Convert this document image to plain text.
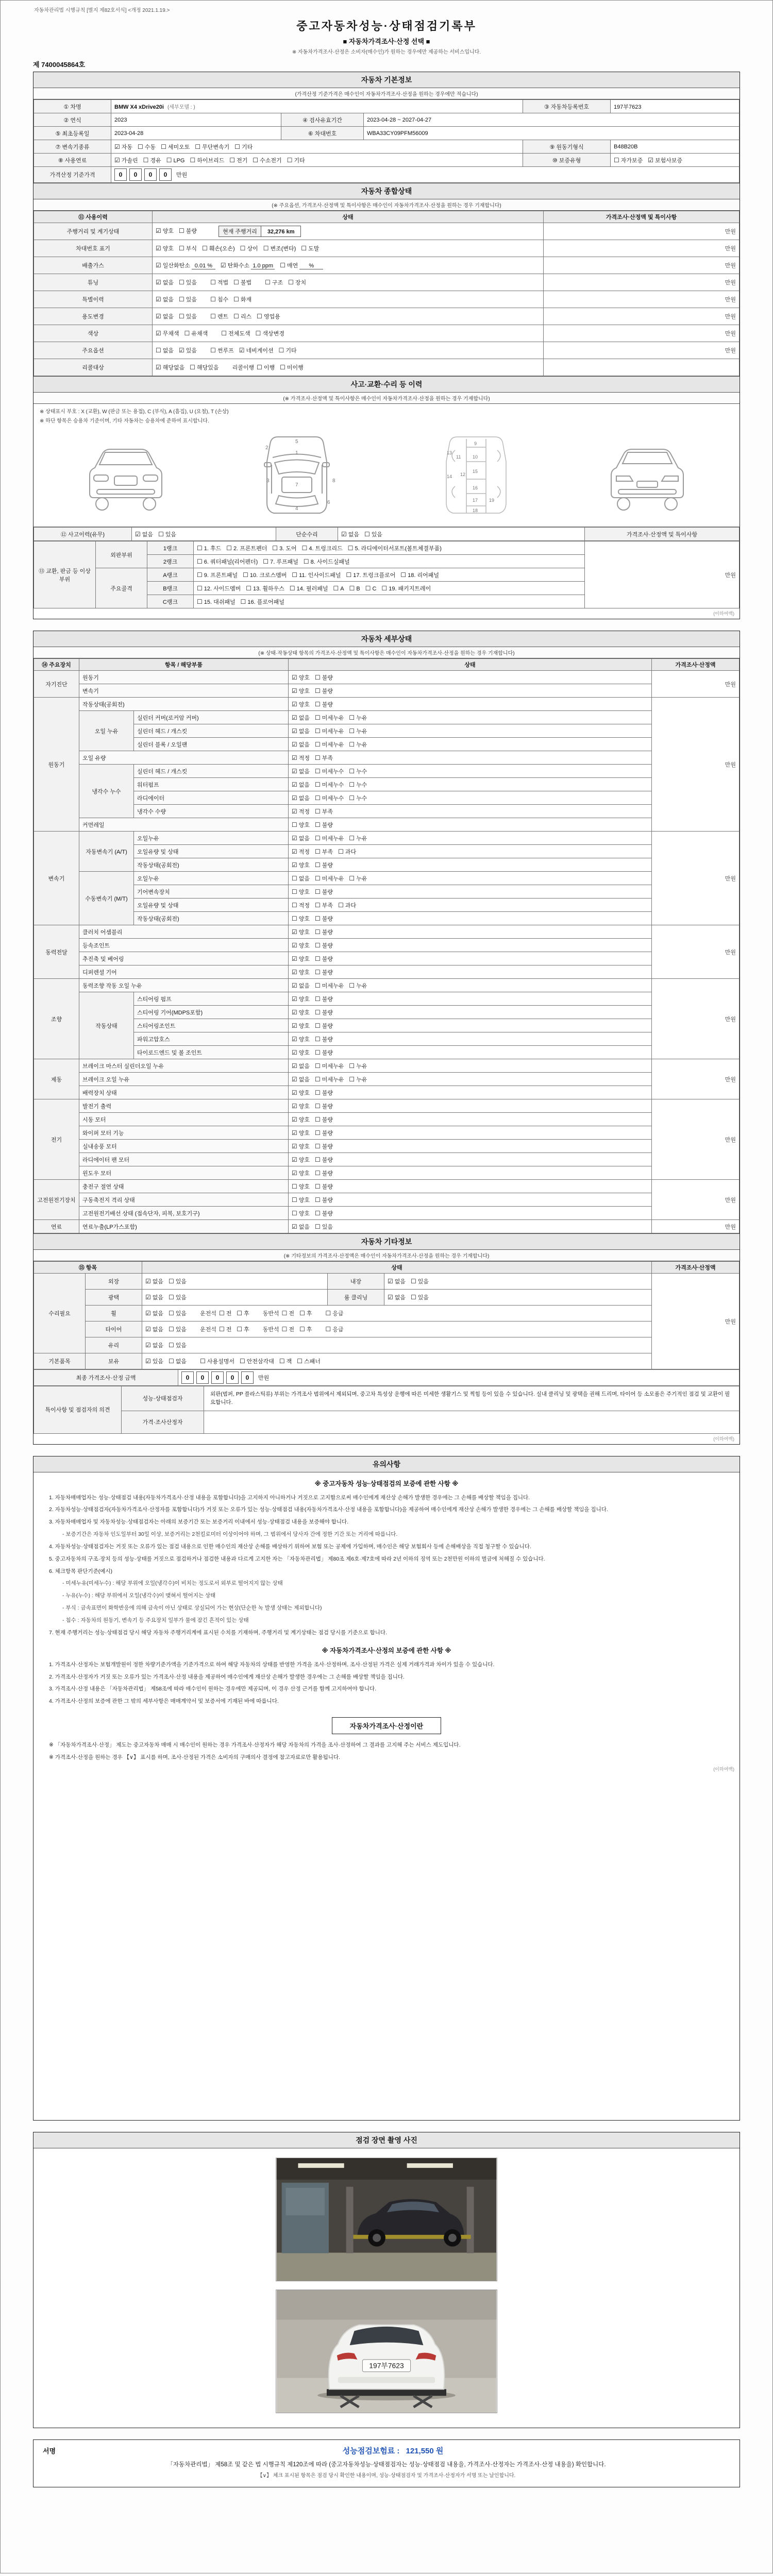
자동차관리법 시행규칙 [별지 제82호서식] <개정 2021.1.19.>
중고자동차성능·상태점검기록부
■ 자동차가격조사·산정 선택 ■
※ 자동차가격조사·산정은 소비자(매수인)가 원하는 경우에만 제공하는 서비스입니다.
제 7400045864호
자동차 기본정보
(가격산정 기준가격은 매수인이 자동차가격조사·산정을 원하는 경우에만 적습니다)
① 차명	BMW X4 xDrive20i (세부모델 : )			③ 자동차등록번호	197부7623
② 연식	2023	④ 검사유효기간	2023-04-28 ~ 2027-04-27		
⑤ 최초등록일	2023-04-28	⑥ 차대번호	WBA33CY09PFM56009		
⑦ 변속기종류	☑ 자동 ☐ 수동 ☐ 세미오토 ☐ 무단변속기 ☐ 기타			⑨ 원동기형식	B48B20B
⑧ 사용연료	☑ 가솔린 ☐ 경유 ☐ LPG ☐ 하이브리드 ☐ 전기 ☐ 수소전기 ☐ 기타			⑩ 보증유형	☐ 자가보증 ☑ 보험사보증
가격산정 기준가격	0 0 0 0 만원				
자동차 종합상태
(※ 주요옵션, 가격조사·산정액 및 특이사항은 매수인이 자동차가격조사·산정을 원하는 경우 기재합니다)
⑪ 사용이력	상태	가격조사·산정액 및 특이사항
주행거리 및 계기상태	☑ 양호 ☐ 불량 현재 주행거리 32,276 km	만원
차대번호 표기	☑ 양호 ☐ 부식 ☐ 훼손(오손) ☐ 상이 ☐ 변조(변타) ☐ 도말	만원
배출가스	☑ 일산화탄소 0.01 % ☑ 탄화수소 1.0 ppm ☐ 매연 %	만원
튜닝	☑ 없음 ☐ 있음 ☐ 적법 ☐ 불법 ☐ 구조 ☐ 장치	만원
특별이력	☑ 없음 ☐ 있음 ☐ 침수 ☐ 화재	만원
용도변경	☑ 없음 ☐ 있음 ☐ 렌트 ☐ 리스 ☐ 영업용	만원
색상	☑ 무채색 ☐ 유채색 ☐ 전체도색 ☐ 색상변경	만원
주요옵션	☐ 없음 ☑ 있음 ☐ 썬루프 ☑ 네비게이션 ☐ 기타	만원
리콜대상	☑ 해당없음 ☐ 해당있음 리콜이행 ☐ 이행 ☐ 미이행	
사고·교환·수리 등 이력
(※ 가격조사·산정액 및 특이사항은 매수인이 자동차가격조사·산정을 원하는 경우 기재합니다)
※ 상태표시 부호 : X (교환), W (판금 또는 용접), C (부식), A (흠집), U (요철), T (손상)
※ 하단 항목은 승용차 기준이며, 기타 자동차는 승용차에 준하여 표시합니다.
1
2
3
4
5
6
7
8
9
10
11
12
13
14
15
16
17
18
19
⑫ 사고이력(유무)	☑ 없음 ☐ 있음	단순수리	☑ 없음 ☐ 있음	가격조사·산정액 및 특이사항
⑬ 교환, 판금 등 이상 부위	외판부위	1랭크	☐ 1. 후드 ☐ 2. 프론트펜더 ☐ 3. 도어 ☐ 4. 트렁크리드 ☐ 5. 라디에이터서포트(볼트체결부품)	만원
		2랭크	☐ 6. 쿼터패널(리어펜더) ☐ 7. 루프패널 ☐ 8. 사이드실패널	
	주요골격	A랭크	☐ 9. 프론트패널 ☐ 10. 크로스멤버 ☐ 11. 인사이드패널 ☐ 17. 트렁크플로어 ☐ 18. 리어패널	
		B랭크	☐ 12. 사이드멤버 ☐ 13. 휠하우스 ☐ 14. 필러패널 ☐ A ☐ B ☐ C ☐ 19. 패키지트레이	
		C랭크	☐ 15. 대쉬패널 ☐ 16. 플로어패널	
(이하여백)
자동차 세부상태
(※ 상태·작동상태 항목의 가격조사·산정액 및 특이사항은 매수인이 자동차가격조사·산정을 원하는 경우 기재합니다)
⑭ 주요장치	항목 / 해당부품		상태	가격조사·산정액
자기진단	원동기		☑ 양호 ☐ 불량	만원
	변속기		☑ 양호 ☐ 불량	
원동기	작동상태(공회전)		☑ 양호 ☐ 불량	만원
	오일 누유	실린더 커버(로커암 커버)	☑ 없음 ☐ 미세누유 ☐ 누유	
		실린더 헤드 / 개스킷	☑ 없음 ☐ 미세누유 ☐ 누유	
		실린더 블록 / 오일팬	☑ 없음 ☐ 미세누유 ☐ 누유	
	오일 유량		☑ 적정 ☐ 부족	
	냉각수 누수	실린더 헤드 / 개스킷	☑ 없음 ☐ 미세누수 ☐ 누수	
		워터펌프	☑ 없음 ☐ 미세누수 ☐ 누수	
		라디에이터	☑ 없음 ☐ 미세누수 ☐ 누수	
		냉각수 수량	☑ 적정 ☐ 부족	
	커먼레일		☐ 양호 ☐ 불량	
변속기	자동변속기 (A/T)	오일누유	☑ 없음 ☐ 미세누유 ☐ 누유	만원
		오일유량 및 상태	☑ 적정 ☐ 부족 ☐ 과다	
		작동상태(공회전)	☑ 양호 ☐ 불량	
	수동변속기 (M/T)	오일누유	☐ 없음 ☐ 미세누유 ☐ 누유	
		기어변속장치	☐ 양호 ☐ 불량	
		오일유량 및 상태	☐ 적정 ☐ 부족 ☐ 과다	
		작동상태(공회전)	☐ 양호 ☐ 불량	
동력전달	클러치 어셈블리		☑ 양호 ☐ 불량	만원
	등속조인트		☑ 양호 ☐ 불량	
	추진축 및 베어링		☑ 양호 ☐ 불량	
	디퍼렌셜 기어		☑ 양호 ☐ 불량	
조향	동력조향 작동 오일 누유		☑ 없음 ☐ 미세누유 ☐ 누유	만원
	작동상태	스티어링 펌프	☑ 양호 ☐ 불량	
		스티어링 기어(MDPS포함)	☑ 양호 ☐ 불량	
		스티어링조인트	☑ 양호 ☐ 불량	
		파워고압호스	☑ 양호 ☐ 불량	
		타이로드엔드 및 볼 조인트	☑ 양호 ☐ 불량	
제동	브레이크 마스터 실린더오일 누유		☑ 없음 ☐ 미세누유 ☐ 누유	만원
	브레이크 오일 누유		☑ 없음 ☐ 미세누유 ☐ 누유	
	배력장치 상태		☑ 양호 ☐ 불량	
전기	발전기 출력		☑ 양호 ☐ 불량	만원
	시동 모터		☑ 양호 ☐ 불량	
	와이퍼 모터 기능		☑ 양호 ☐ 불량	
	실내송풍 모터		☑ 양호 ☐ 불량	
	라디에이터 팬 모터		☑ 양호 ☐ 불량	
	윈도우 모터		☑ 양호 ☐ 불량	
고전원전기장치	충전구 절연 상태		☐ 양호 ☐ 불량	만원
	구동축전지 격리 상태		☐ 양호 ☐ 불량	
	고전원전기배선 상태 (접속단자, 피복, 보호기구)		☐ 양호 ☐ 불량	
연료	연료누출(LP가스포함)		☑ 없음 ☐ 있음	만원
자동차 기타정보
(※ 기타정보의 가격조사·산정액은 매수인이 자동차가격조사·산정을 원하는 경우 기재합니다)
⑮ 항목		상태			가격조사·산정액
수리필요	외장	☑ 없음 ☐ 있음	내장	☑ 없음 ☐ 있음	만원
	광택	☑ 없음 ☐ 있음	룸 클리닝	☑ 없음 ☐ 있음	
	휠	☑ 없음 ☐ 있음 운전석 ☐ 전 ☐ 후 동반석 ☐ 전 ☐ 후 ☐ 응급			
	타이어	☑ 없음 ☐ 있음 운전석 ☐ 전 ☐ 후 동반석 ☐ 전 ☐ 후 ☐ 응급			
	유리	☑ 없음 ☐ 있음			
기본품목	보유	☑ 있음 ☐ 없음 ☐ 사용설명서 ☐ 안전삼각대 ☐ 잭 ☐ 스패너			
최종 가격조사·산정 금액	0 0 0 0 0 만원
특이사항 및 점검자의 의견	성능·상태점검자	외판(범퍼, PP 플라스틱류) 부위는 가격조사 범위에서 제외되며, 중고차 특성상 운행에 따른 미세한 생활기스 및 찍힘 등이 있을 수 있습니다. 실내 클리닝 및 광택을 권해 드리며, 타이어 등 소모품은 주기적인 점검 및 교환이 필요합니다.
	가격·조사산정자	
(이하여백)
유의사항
※ 중고자동차 성능·상태점검의 보증에 관한 사항 ※
1. 자동차매매업자는 성능·상태점검 내용(자동차가격조사·산정 내용을 포함합니다)을 고지하지 아니하거나 거짓으로 고지함으로써 매수인에게 재산상 손해가 발생한 경우에는 그 손해를 배상할 책임을 집니다.
2. 자동차성능·상태점검자(자동차가격조사·산정자를 포함합니다)가 거짓 또는 오류가 있는 성능·상태점검 내용(자동차가격조사·산정 내용을 포함합니다)을 제공하여 매수인에게 재산상 손해가 발생한 경우에는 그 손해를 배상할 책임을 집니다.
3. 자동차매매업자 및 자동차성능·상태점검자는 아래의 보증기간 또는 보증거리 이내에서 성능·상태점검 내용을 보증해야 합니다.
- 보증기간은 자동차 인도일부터 30일 이상, 보증거리는 2천킬로미터 이상이어야 하며, 그 범위에서 당사자 간에 정한 기간 또는 거리에 따릅니다.
4. 자동차성능·상태점검자는 거짓 또는 오류가 있는 점검 내용으로 인한 매수인의 재산상 손해를 배상하기 위하여 보험 또는 공제에 가입하며, 매수인은 해당 보험회사 등에 손해배상을 직접 청구할 수 있습니다.
5. 중고자동차의 구조·장치 등의 성능·상태를 거짓으로 점검하거나 점검한 내용과 다르게 고지한 자는 「자동차관리법」 제80조 제6호·제7호에 따라 2년 이하의 징역 또는 2천만원 이하의 벌금에 처해질 수 있습니다.
6. 체크항목 판단기준(예시)
- 미세누유(미세누수) : 해당 부위에 오일(냉각수)이 비치는 정도로서 외부로 떨어지지 않는 상태
- 누유(누수) : 해당 부위에서 오일(냉각수)이 맺혀서 떨어지는 상태
- 부식 : 금속표면이 화학반응에 의해 금속이 아닌 상태로 상실되어 가는 현상(단순한 녹 발생 상태는 제외합니다)
- 침수 : 자동차의 원동기, 변속기 등 주요장치 일부가 물에 잠긴 흔적이 있는 상태
7. 현재 주행거리는 성능·상태점검 당시 해당 자동차 주행거리계에 표시된 수치를 기재하며, 주행거리 및 계기상태는 점검 당시를 기준으로 합니다.
※ 자동차가격조사·산정의 보증에 관한 사항 ※
1. 가격조사·산정자는 보험개발원이 정한 차량기준가액을 기준가격으로 하여 해당 자동차의 상태를 반영한 가격을 조사·산정하며, 조사·산정된 가격은 실제 거래가격과 차이가 있을 수 있습니다.
2. 가격조사·산정자가 거짓 또는 오류가 있는 가격조사·산정 내용을 제공하여 매수인에게 재산상 손해가 발생한 경우에는 그 손해를 배상할 책임을 집니다.
3. 가격조사·산정 내용은 「자동차관리법」 제58조에 따라 매수인이 원하는 경우에만 제공되며, 이 경우 산정 근거를 함께 고지하여야 합니다.
4. 가격조사·산정의 보증에 관한 그 밖의 세부사항은 매매계약서 및 보증서에 기재된 바에 따릅니다.
자동차가격조사·산정이란
※ 「자동차가격조사·산정」 제도는 중고자동차 매매 시 매수인이 원하는 경우 가격조사·산정자가 해당 자동차의 가격을 조사·산정하여 그 결과를 고지해 주는 서비스 제도입니다.
※ 가격조사·산정을 원하는 경우 【∨】 표시를 하며, 조사·산정된 가격은 소비자의 구매의사 결정에 참고자료로만 활용됩니다.
(이하여백)
점검 장면 촬영 사진
197부7623
서명	성능점검보험료 : 121,550 원
「자동차관리법」 제58조 및 같은 법 시행규칙 제120조에 따라 (중고자동차성능·상태점검자는 성능·상태점검 내용을, 가격조사·산정자는 가격조사·산정 내용을) 확인합니다.
【∨】 체크 표시된 항목은 점검 당시 확인한 내용이며, 성능·상태점검자 및 가격조사·산정자가 서명 또는 날인합니다.
